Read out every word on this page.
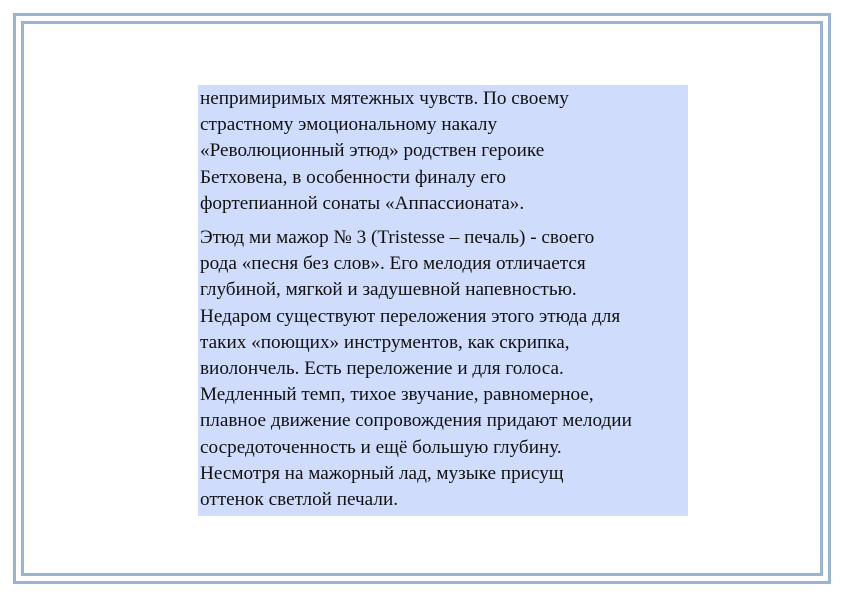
непримиримых мятежных чувств. По своему
страстному эмоциональному накалу
«Революционный этюд» родствен героике
Бетховена, в особенности финалу его
фортепианной сонаты «Аппассионата».

Этюд ми мажор № 3 (Tristesse – печаль) - своего
рода «песня без слов». Его мелодия отличается
глубиной, мягкой и задушевной напевностью.
Недаром существуют переложения этого этюда для
таких «поющих» инструментов, как скрипка,
виолончель. Есть переложение и для голоса.
Медленный темп, тихое звучание, равномерное,
плавное движение сопровождения придают мелодии
сосредоточенность и ещё большую глубину.
Несмотря на мажорный лад, музыке присущ
оттенок светлой печали.
